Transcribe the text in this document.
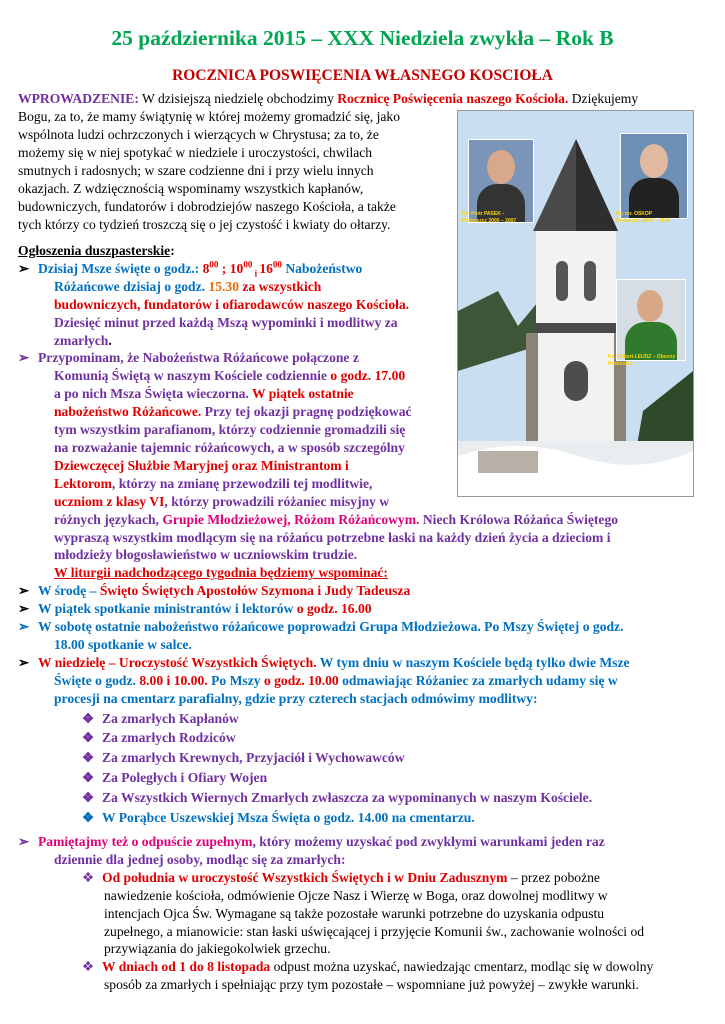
25 października 2015 – XXX Niedziela zwykła – Rok B
ROCZNICA POSWIĘCENIA WŁASNEGO KOSCIOŁA
WPROWADZENIE: W dzisiejszą niedzielę obchodzimy Rocznicę Poświęcenia naszego Kościoła. Dziękujemy
Bogu, za to, że mamy świątynię w której możemy gromadzić się, jako
wspólnota ludzi ochrzczonych i wierzących w Chrystusa; za to, że
możemy się w niej spotykać w niedziele i uroczystości, chwilach
smutnych i radosnych; w szare codzienne dni i przy wielu innych
okazjach. Z wdzięcznością wspominamy wszystkich kapłanów,
budowniczych, fundatorów i dobrodziejów naszego Kościoła, a także
tych którzy co tydzień troszczą się o jej czystość i kwiaty do ołtarzy.
Ks. Piotr PASEK -
Proboszcz 2000 – 2007
Ks. mr. OSKOP
Proboszcz 2007 – 2014
Ks. Robert LEUDZ – Obecny
Proboszcz
Ogłoszenia duszpasterskie:
➢ Dzisiaj Msze święte o godz.: $8^{00}$ ; $10^{00}$ $_i$ $16^{00}$ Nabożeństwo
Różańcowe dzisiaj o godz. 15.30 za wszystkich
budowniczych, fundatorów i ofiarodawców naszego Kościoła.
Dziesięć minut przed każdą Mszą wypominki i modlitwy za
zmarłych.
➢ Przypominam, że Nabożeństwa Różańcowe połączone z
Komunią Świętą w naszym Kościele codziennie o godz. 17.00
a po nich Msza Święta wieczorna. W piątek ostatnie
nabożeństwo Różańcowe. Przy tej okazji pragnę podziękować
tym wszystkim parafianom, którzy codziennie gromadzili się
na rozważanie tajemnic różańcowych, a w sposób szczególny
Dziewczęcej Służbie Maryjnej oraz Ministrantom i
Lektorom, którzy na zmianę przewodzili tej modlitwie,
uczniom z klasy VI, którzy prowadzili różaniec misyjny w
różnych językach, Grupie Młodzieżowej, Różom Różańcowym. Niech Królowa Różańca Świętego
wypraszą wszystkim modlącym się na różańcu potrzebne łaski na każdy dzień życia a dzieciom i
młodzieży błogosławieństwo w uczniowskim trudzie.
W liturgii nadchodzącego tygodnia będziemy wspominać:
➢ W środę – Święto Świętych Apostołów Szymona i Judy Tadeusza
➢ W piątek spotkanie ministrantów i lektorów o godz. 16.00
➢ W sobotę ostatnie nabożeństwo różańcowe poprowadzi Grupa Młodzieżowa. Po Mszy Świętej o godz.
18.00 spotkanie w salce.
➢ W niedzielę – Uroczystość Wszystkich Świętych. W tym dniu w naszym Kościele będą tylko dwie Msze
Święte o godz. 8.00 i 10.00. Po Mszy o godz. 10.00 odmawiając Różaniec za zmarłych udamy się w
procesji na cmentarz parafialny, gdzie przy czterech stacjach odmówimy modlitwy:
❖ Za zmarłych Kapłanów
❖ Za zmarłych Rodziców
❖ Za zmarłych Krewnych, Przyjaciół i Wychowawców
❖ Za Poległych i Ofiary Wojen
❖ Za Wszystkich Wiernych Zmarłych zwłaszcza za wypominanych w naszym Kościele.
❖ W Porąbce Uszewskiej Msza Święta o godz. 14.00 na cmentarzu.
➢ Pamiętajmy też o odpuście zupełnym, który możemy uzyskać pod zwykłymi warunkami jeden raz
dziennie dla jednej osoby, modląc się za zmarłych:
❖ Od południa w uroczystość Wszystkich Świętych i w Dniu Zadusznym – przez pobożne
nawiedzenie kościoła, odmówienie Ojcze Nasz i Wierzę w Boga, oraz dowolnej modlitwy w
intencjach Ojca Św. Wymagane są także pozostałe warunki potrzebne do uzyskania odpustu
zupełnego, a mianowicie: stan łaski uświęcającej i przyjęcie Komunii św., zachowanie wolności od
przywiązania do jakiegokolwiek grzechu.
❖ W dniach od 1 do 8 listopada odpust można uzyskać, nawiedzając cmentarz, modląc się w dowolny
sposób za zmarłych i spełniając przy tym pozostałe – wspomniane już powyżej – zwykłe warunki.
